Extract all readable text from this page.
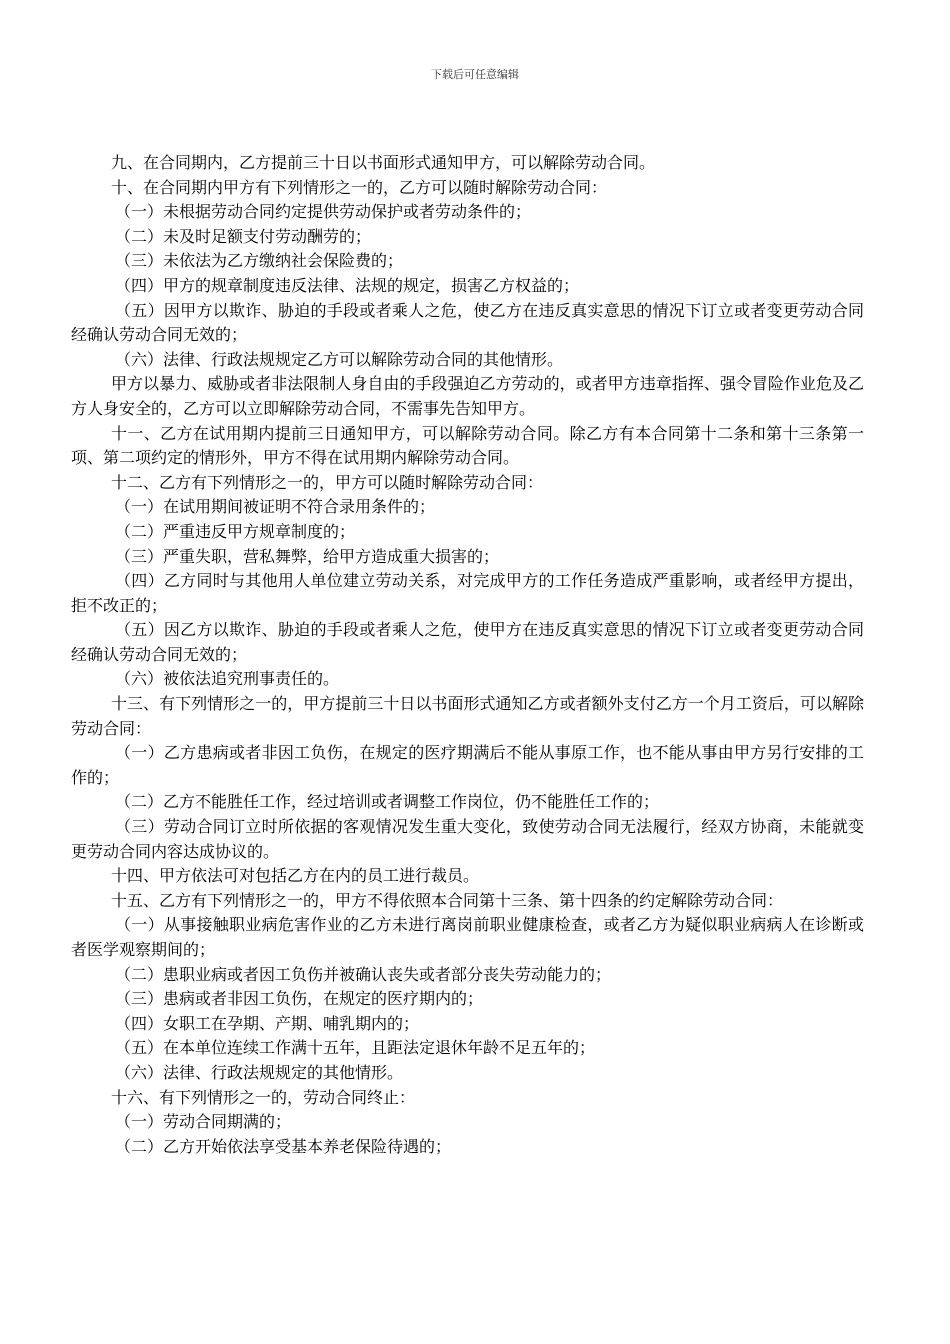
下载后可任意编辑

九、在合同期内，乙方提前三十日以书面形式通知甲方，可以解除劳动合同。

十、在合同期内甲方有下列情形之一的，乙方可以随时解除劳动合同：

（一）未根据劳动合同约定提供劳动保护或者劳动条件的；

（二）未及时足额支付劳动酬劳的；

（三）未依法为乙方缴纳社会保险费的；

（四）甲方的规章制度违反法律、法规的规定，损害乙方权益的；

（五）因甲方以欺诈、胁迫的手段或者乘人之危，使乙方在违反真实意思的情况下订立或者变更劳动合同经确认劳动合同无效的；

（六）法律、行政法规规定乙方可以解除劳动合同的其他情形。

甲方以暴力、威胁或者非法限制人身自由的手段强迫乙方劳动的，或者甲方违章指挥、强令冒险作业危及乙方人身安全的，乙方可以立即解除劳动合同，不需事先告知甲方。

十一、乙方在试用期内提前三日通知甲方，可以解除劳动合同。除乙方有本合同第十二条和第十三条第一项、第二项约定的情形外，甲方不得在试用期内解除劳动合同。

十二、乙方有下列情形之一的，甲方可以随时解除劳动合同：

（一）在试用期间被证明不符合录用条件的；

（二）严重违反甲方规章制度的；

（三）严重失职，营私舞弊，给甲方造成重大损害的；

（四）乙方同时与其他用人单位建立劳动关系，对完成甲方的工作任务造成严重影响，或者经甲方提出，拒不改正的；

（五）因乙方以欺诈、胁迫的手段或者乘人之危，使甲方在违反真实意思的情况下订立或者变更劳动合同经确认劳动合同无效的；

（六）被依法追究刑事责任的。

十三、有下列情形之一的，甲方提前三十日以书面形式通知乙方或者额外支付乙方一个月工资后，可以解除劳动合同：

（一）乙方患病或者非因工负伤，在规定的医疗期满后不能从事原工作，也不能从事由甲方另行安排的工作的；

（二）乙方不能胜任工作，经过培训或者调整工作岗位，仍不能胜任工作的；

（三）劳动合同订立时所依据的客观情况发生重大变化，致使劳动合同无法履行，经双方协商，未能就变更劳动合同内容达成协议的。

十四、甲方依法可对包括乙方在内的员工进行裁员。

十五、乙方有下列情形之一的，甲方不得依照本合同第十三条、第十四条的约定解除劳动合同：

（一）从事接触职业病危害作业的乙方未进行离岗前职业健康检查，或者乙方为疑似职业病病人在诊断或者医学观察期间的；

（二）患职业病或者因工负伤并被确认丧失或者部分丧失劳动能力的；

（三）患病或者非因工负伤，在规定的医疗期内的；

（四）女职工在孕期、产期、哺乳期内的；

（五）在本单位连续工作满十五年，且距法定退休年龄不足五年的；

（六）法律、行政法规规定的其他情形。

十六、有下列情形之一的，劳动合同终止：

（一）劳动合同期满的；

（二）乙方开始依法享受基本养老保险待遇的；
